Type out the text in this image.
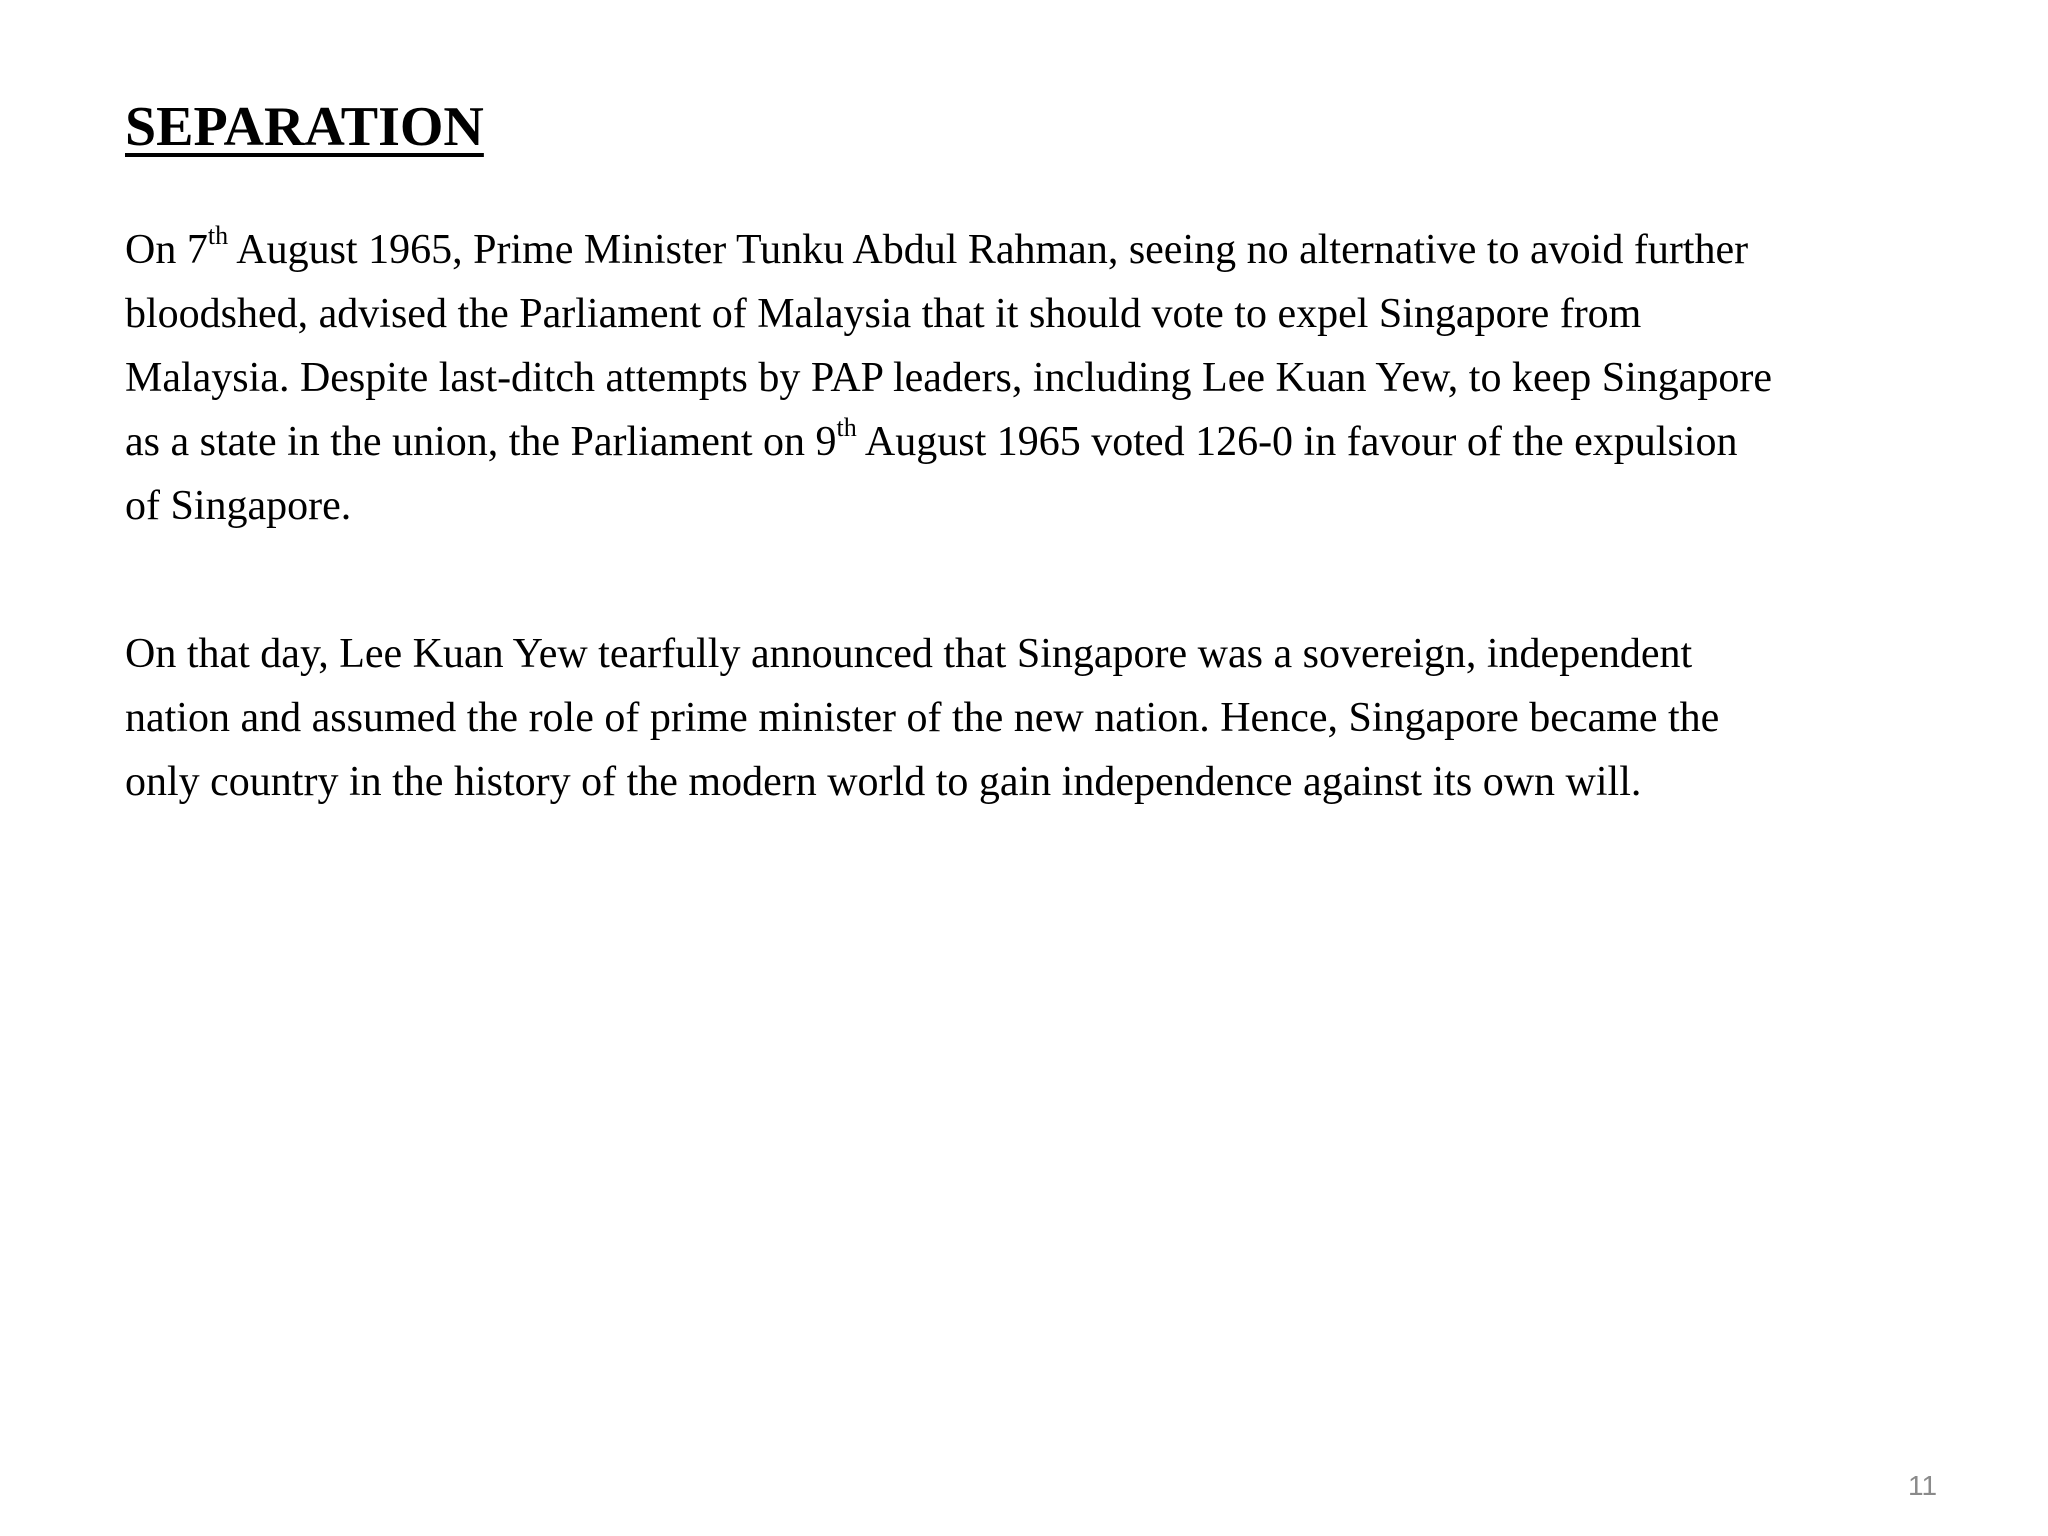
SEPARATION

On 7th August 1965, Prime Minister Tunku Abdul Rahman, seeing no alternative to avoid further
bloodshed, advised the Parliament of Malaysia that it should vote to expel Singapore from
Malaysia. Despite last-ditch attempts by PAP leaders, including Lee Kuan Yew, to keep Singapore
as a state in the union, the Parliament on 9th August 1965 voted 126-0 in favour of the expulsion
of Singapore.

On that day, Lee Kuan Yew tearfully announced that Singapore was a sovereign, independent
nation and assumed the role of prime minister of the new nation. Hence, Singapore became the
only country in the history of the modern world to gain independence against its own will.

11
